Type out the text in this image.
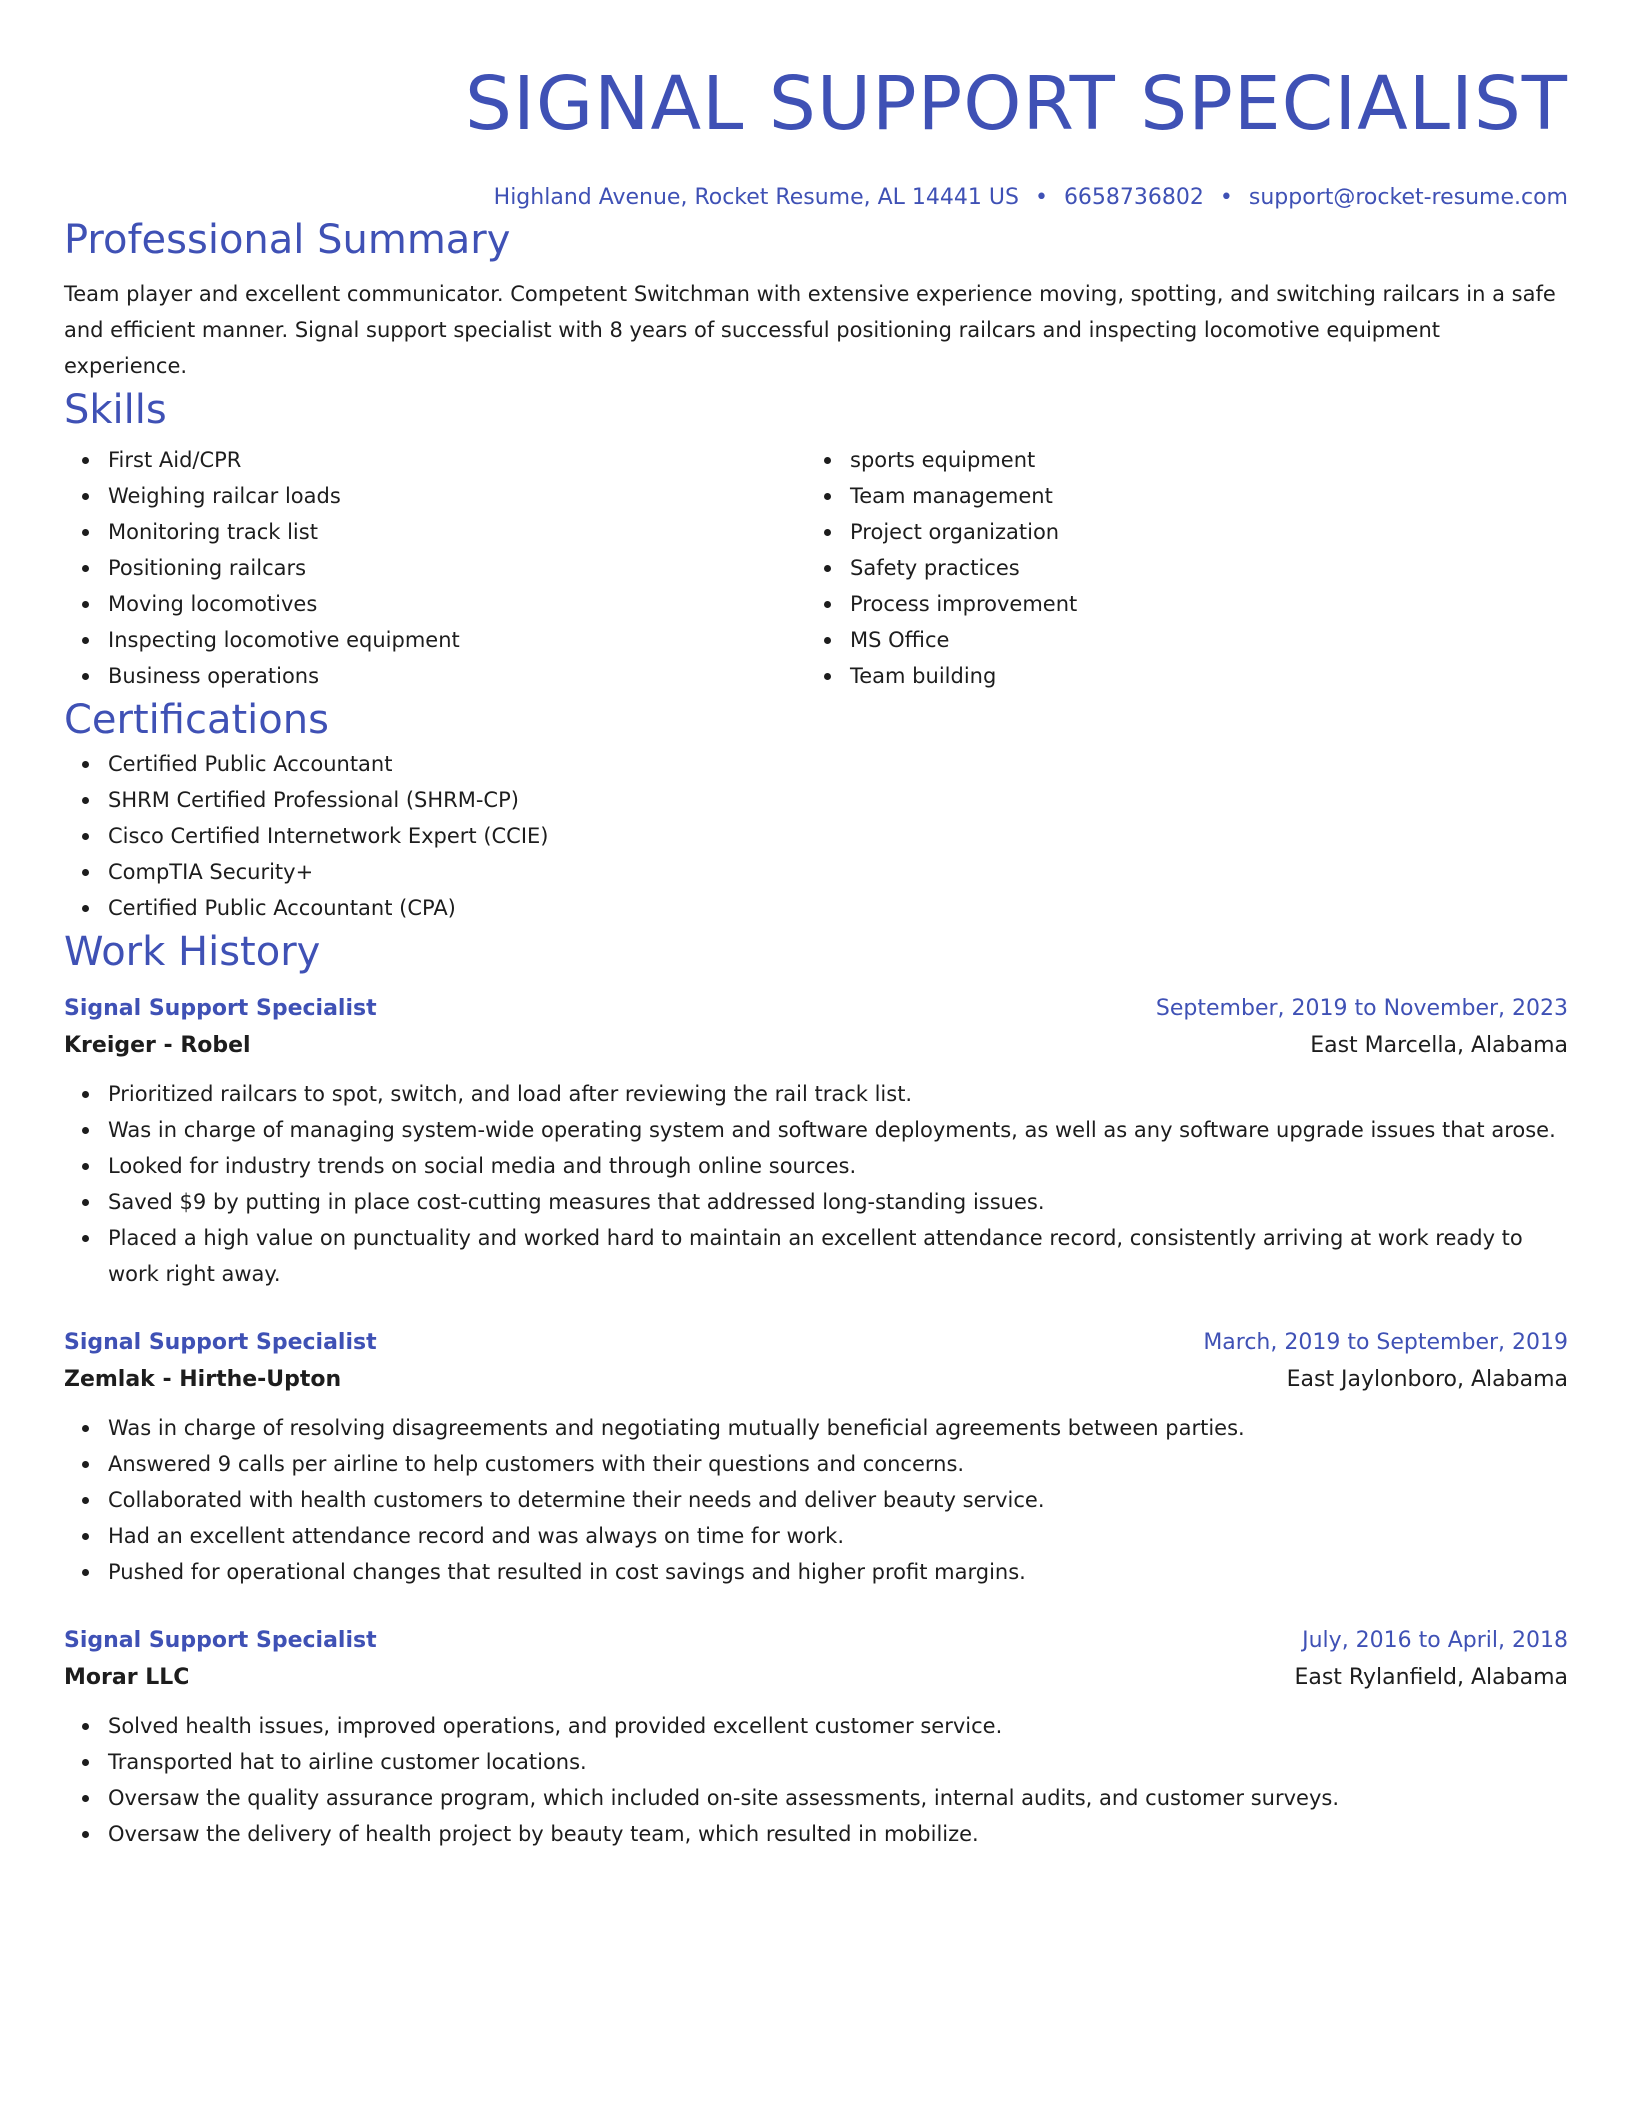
SIGNAL SUPPORT SPECIALIST
Highland Avenue, Rocket Resume, AL 14441 US • 6658736802 • support@rocket-resume.com
Professional Summary
Team player and excellent communicator. Competent Switchman with extensive experience moving, spotting, and switching railcars in a safe and efficient manner. Signal support specialist with 8 years of successful positioning railcars and inspecting locomotive equipment experience.
Skills
First Aid/CPR
Weighing railcar loads
Monitoring track list
Positioning railcars
Moving locomotives
Inspecting locomotive equipment
Business operations
sports equipment
Team management
Project organization
Safety practices
Process improvement
MS Office
Team building
Certifications
Certified Public Accountant
SHRM Certified Professional (SHRM-CP)
Cisco Certified Internetwork Expert (CCIE)
CompTIA Security+
Certified Public Accountant (CPA)
Work History
Signal Support Specialist	September, 2019 to November, 2023
Kreiger - Robel	East Marcella, Alabama
Prioritized railcars to spot, switch, and load after reviewing the rail track list.
Was in charge of managing system-wide operating system and software deployments, as well as any software upgrade issues that arose.
Looked for industry trends on social media and through online sources.
Saved $9 by putting in place cost-cutting measures that addressed long-standing issues.
Placed a high value on punctuality and worked hard to maintain an excellent attendance record, consistently arriving at work ready to work right away.
Signal Support Specialist	March, 2019 to September, 2019
Zemlak - Hirthe-Upton	East Jaylonboro, Alabama
Was in charge of resolving disagreements and negotiating mutually beneficial agreements between parties.
Answered 9 calls per airline to help customers with their questions and concerns.
Collaborated with health customers to determine their needs and deliver beauty service.
Had an excellent attendance record and was always on time for work.
Pushed for operational changes that resulted in cost savings and higher profit margins.
Signal Support Specialist	July, 2016 to April, 2018
Morar LLC	East Rylanfield, Alabama
Solved health issues, improved operations, and provided excellent customer service.
Transported hat to airline customer locations.
Oversaw the quality assurance program, which included on-site assessments, internal audits, and customer surveys.
Oversaw the delivery of health project by beauty team, which resulted in mobilize.
